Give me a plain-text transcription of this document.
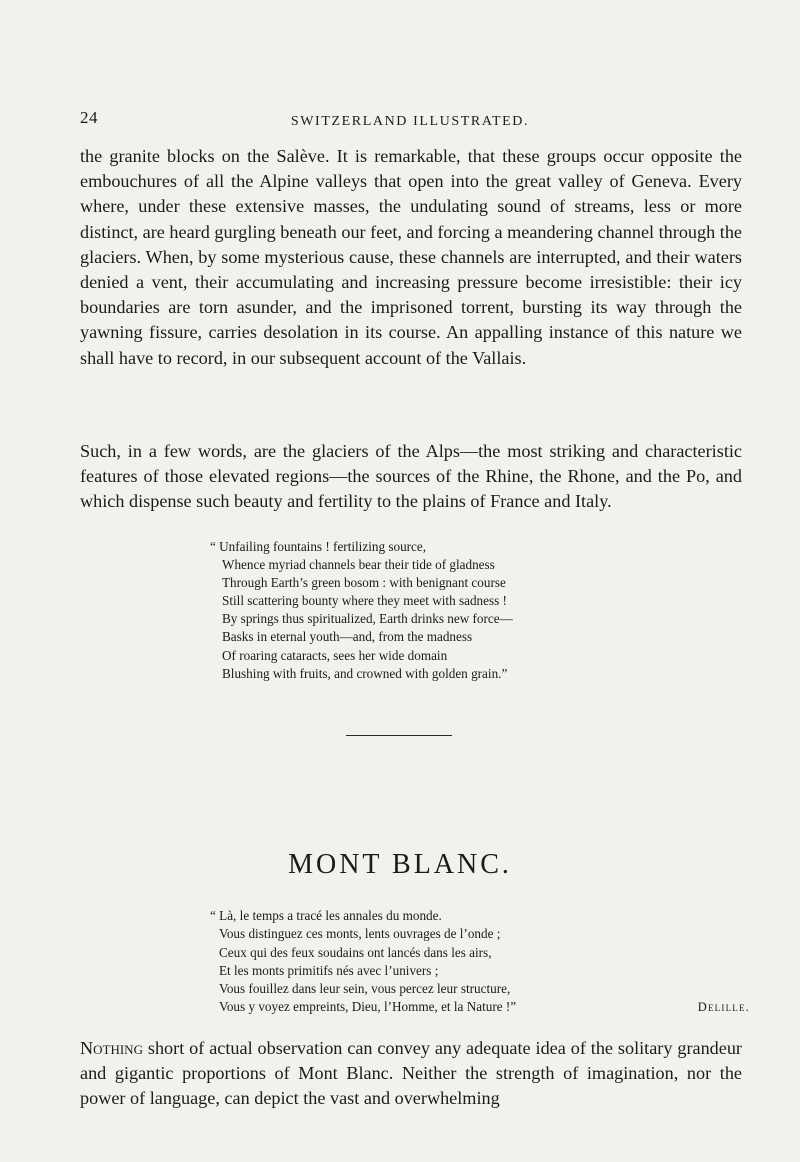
24	SWITZERLAND ILLUSTRATED.

the granite blocks on the Salève. It is remarkable, that these groups occur opposite the embouchures of all the Alpine valleys that open into the great valley of Geneva. Every where, under these extensive masses, the undulating sound of streams, less or more distinct, are heard gurgling beneath our feet, and forcing a meandering channel through the glaciers. When, by some mysterious cause, these channels are interrupted, and their waters denied a vent, their accumulating and increasing pressure become irresistible: their icy boundaries are torn asunder, and the imprisoned torrent, bursting its way through the yawning fissure, carries desolation in its course. An appalling instance of this nature we shall have to record, in our subsequent account of the Vallais.

Such, in a few words, are the glaciers of the Alps—the most striking and characteristic features of those elevated regions—the sources of the Rhine, the Rhone, and the Po, and which dispense such beauty and fertility to the plains of France and Italy.

“ Unfailing fountains ! fertilizing source,
Whence myriad channels bear their tide of gladness
Through Earth’s green bosom : with benignant course
Still scattering bounty where they meet with sadness !
By springs thus spiritualized, Earth drinks new force—
Basks in eternal youth—and, from the madness
Of roaring cataracts, sees her wide domain
Blushing with fruits, and crowned with golden grain.”
MONT BLANC.
“ Là, le temps a tracé les annales du monde.
Vous distinguez ces monts, lents ouvrages de l’onde ;
Ceux qui des feux soudains ont lancés dans les airs,
Et les monts primitifs nés avec l’univers ;
Vous fouillez dans leur sein, vous percez leur structure,
Vous y voyez empreints, Dieu, l’Homme, et la Nature !”	Delille.

Nothing short of actual observation can convey any adequate idea of the solitary grandeur and gigantic proportions of Mont Blanc. Neither the strength of imagination, nor the power of language, can depict the vast and overwhelming
